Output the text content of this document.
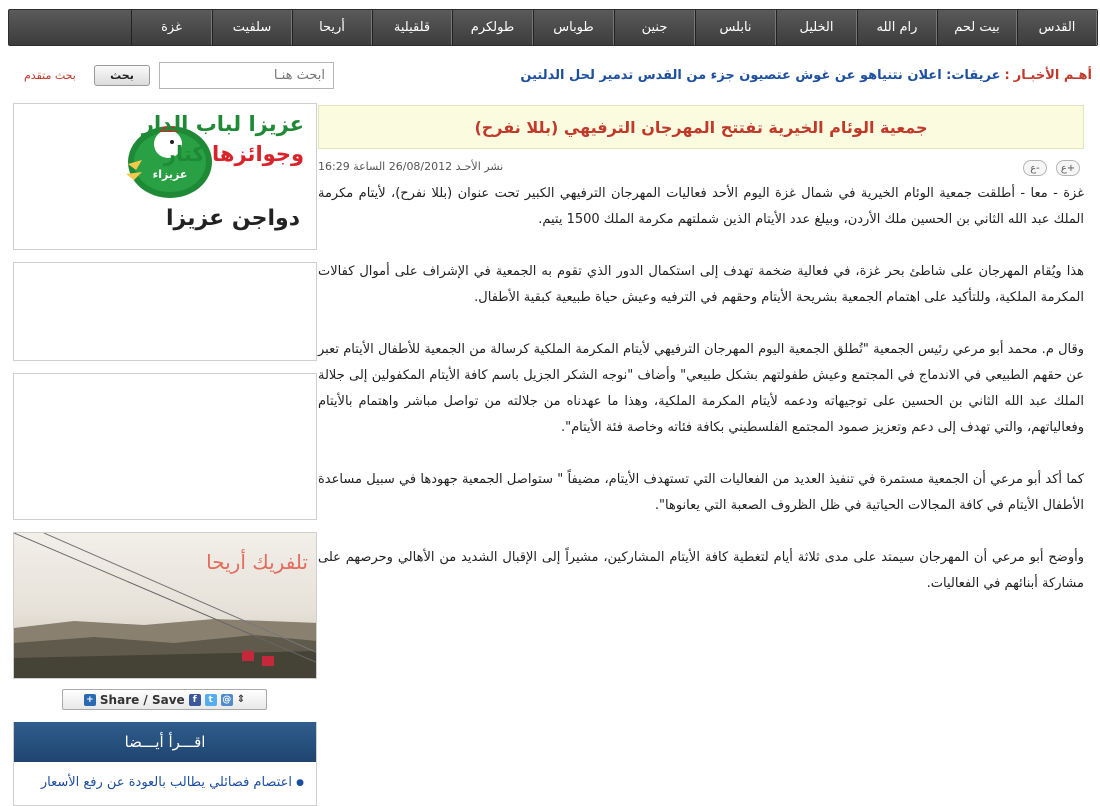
القدس
بيت لحم
رام الله
الخليل
نابلس
جنين
طوباس
طولكرم
قلقيلية
أريحا
سلفيت
غزة
أهـم الأخبـار
:
عريقات: اعلان نتنياهو عن غوش عتصيون جزء من القدس تدمير لحل الدلتين
ابحث هنـا
بحث
بحث متقدم
عزيزاء
عزيزا لباب الدار
وجوائزها كتار
دواجن عزيزا
تلفريك أريحا
+ Share / Save f	t	@ ⇕
اقـــرأ أيـــضا
● اعتصام فصائلي يطالب بالعودة عن رفع الأسعار
جمعية الوئام الخيرية تفتتح المهرجان الترفيهي (بللا نفرح)
نشر الأحـد 26/08/2012 الساعة 16:29	ع+
ع-

غزة - معا - أطلقت جمعية الوئام الخيرية في شمال غزة اليوم الأحد فعاليات المهرجان الترفيهي الكبير تحت عنوان (بللا نفرح)، لأيتام مكرمة الملك عبد الله الثاني بن الحسين ملك الأردن، وبيلغ عدد الأيتام الذين شملتهم مكرمة الملك 1500 يتيم.

هذا ويُقام المهرجان على شاطئ بحر غزة، في فعالية ضخمة تهدف إلى استكمال الدور الذي تقوم به الجمعية في الإشراف على أموال كفالات المكرمة الملكية، وللتأكيد على اهتمام الجمعية بشريحة الأيتام وحقهم في الترفيه وعيش حياة طبيعية كبقية الأطفال.

وقال م. محمد أبو مرعي رئيس الجمعية "تُطلق الجمعية اليوم المهرجان الترفيهي لأيتام المكرمة الملكية كرسالة من الجمعية للأطفال الأيتام تعبر عن حقهم الطبيعي في الاندماج في المجتمع وعيش طفولتهم بشكل طبيعي" وأضاف "نوجه الشكر الجزيل باسم كافة الأيتام المكفولين إلى جلالة الملك عبد الله الثاني بن الحسين على توجيهاته ودعمه لأيتام المكرمة الملكية، وهذا ما عهدناه من جلالته من تواصل مباشر واهتمام بالأيتام وفعالياتهم، والتي تهدف إلى دعم وتعزيز صمود المجتمع الفلسطيني بكافة فئاته وخاصة فئة الأيتام".

كما أكد أبو مرعي أن الجمعية مستمرة في تنفيذ العديد من الفعاليات التي تستهدف الأيتام، مضيفاً " ستواصل الجمعية جهودها في سبيل مساعدة الأطفال الأيتام في كافة المجالات الحياتية في ظل الظروف الصعبة التي يعانوها".

وأوضح أبو مرعي أن المهرجان سيمتد على مدى ثلاثة أيام لتغطية كافة الأيتام المشاركين، مشيراً إلى الإقبال الشديد من الأهالي وحرصهم على مشاركة أبنائهم في الفعاليات.
